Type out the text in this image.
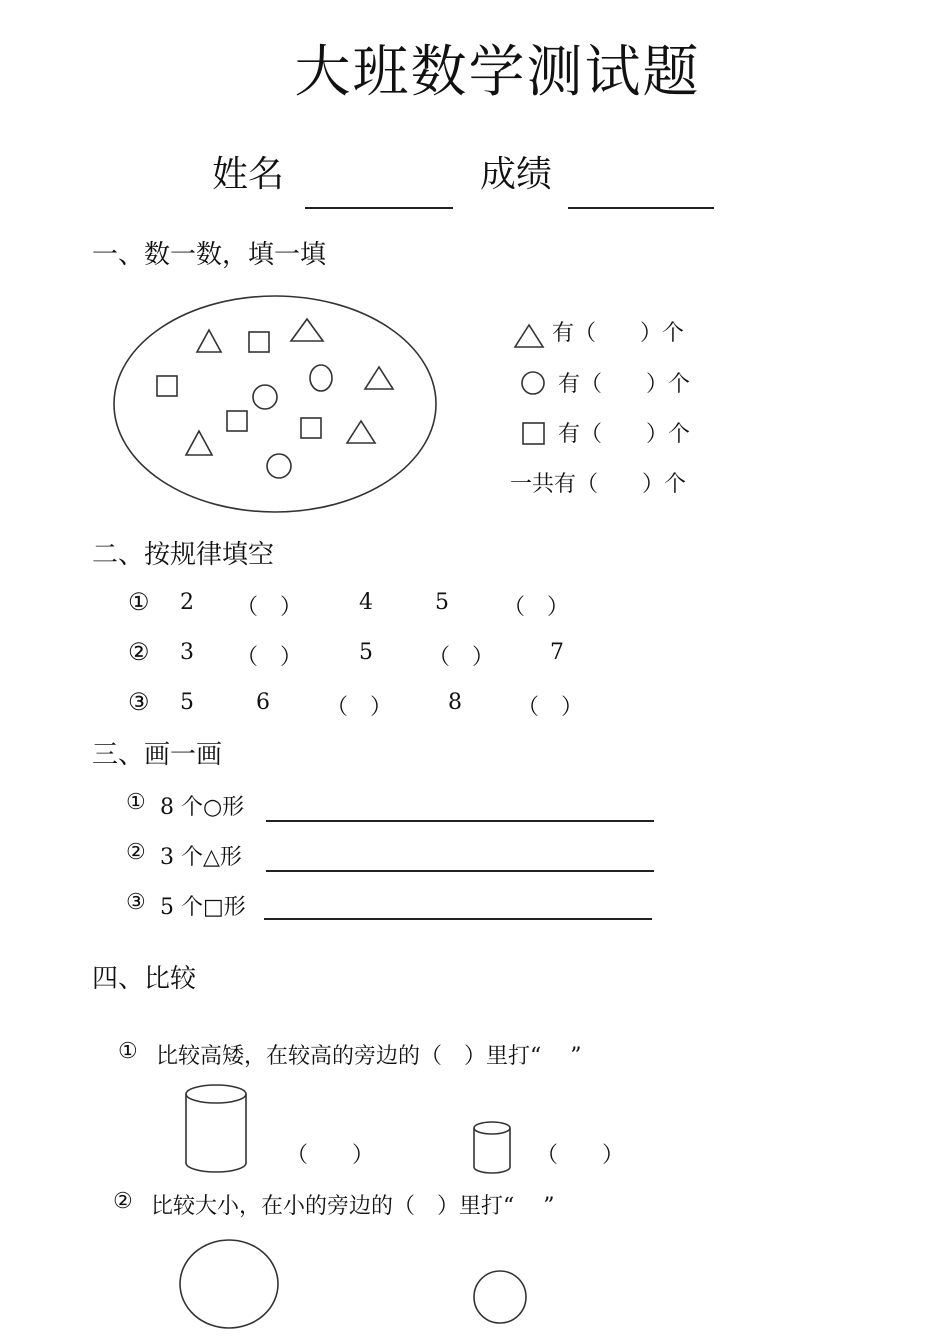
大班数学测试题
姓名	成绩
一、数一数，填一填
有（　　）个
有（　　）个
有（　　）个
一共有（　　）个
二、按规律填空
① 2 （　）	4	5 （　）
② 3 （　）	5	（　）	7
③ 5	6	（　）	8	（　）
三、画一画
① 8 个○形
② 3 个△形
③ 5 个□形
四、比较
① 比较高矮，在较高的旁边的（　）里打“　 ”
（　　）	（　　）
② 比较大小，在小的旁边的（　）里打“　 ”
